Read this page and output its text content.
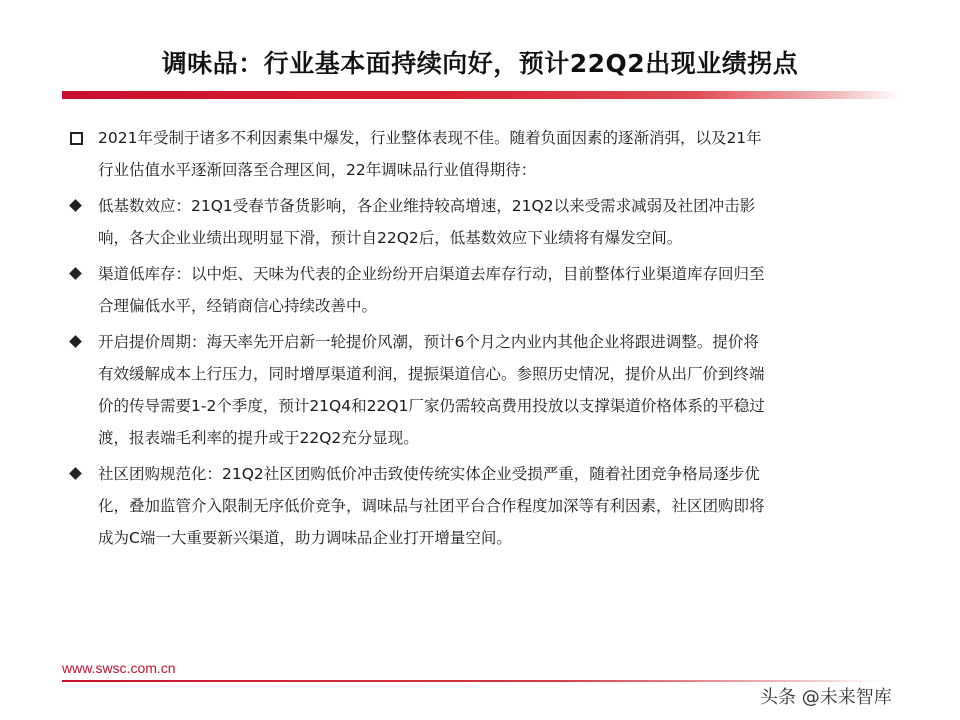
调味品：行业基本面持续向好，预计22Q2出现业绩拐点
2021年受制于诸多不利因素集中爆发，行业整体表现不佳。随着负面因素的逐渐消弭，以及21年
行业估值水平逐渐回落至合理区间，22年调味品行业值得期待：
低基数效应：21Q1受春节备货影响，各企业维持较高增速，21Q2以来受需求减弱及社团冲击影
响，各大企业业绩出现明显下滑，预计自22Q2后，低基数效应下业绩将有爆发空间。
渠道低库存：以中炬、天味为代表的企业纷纷开启渠道去库存行动，目前整体行业渠道库存回归至
合理偏低水平，经销商信心持续改善中。
开启提价周期：海天率先开启新一轮提价风潮，预计6个月之内业内其他企业将跟进调整。提价将
有效缓解成本上行压力，同时增厚渠道利润，提振渠道信心。参照历史情况，提价从出厂价到终端
价的传导需要1-2个季度，预计21Q4和22Q1厂家仍需较高费用投放以支撑渠道价格体系的平稳过
渡，报表端毛利率的提升或于22Q2充分显现。
社区团购规范化：21Q2社区团购低价冲击致使传统实体企业受损严重，随着社团竞争格局逐步优
化，叠加监管介入限制无序低价竞争，调味品与社团平台合作程度加深等有利因素，社区团购即将
成为C端一大重要新兴渠道，助力调味品企业打开增量空间。
www.swsc.com.cn
头条 @未来智库
